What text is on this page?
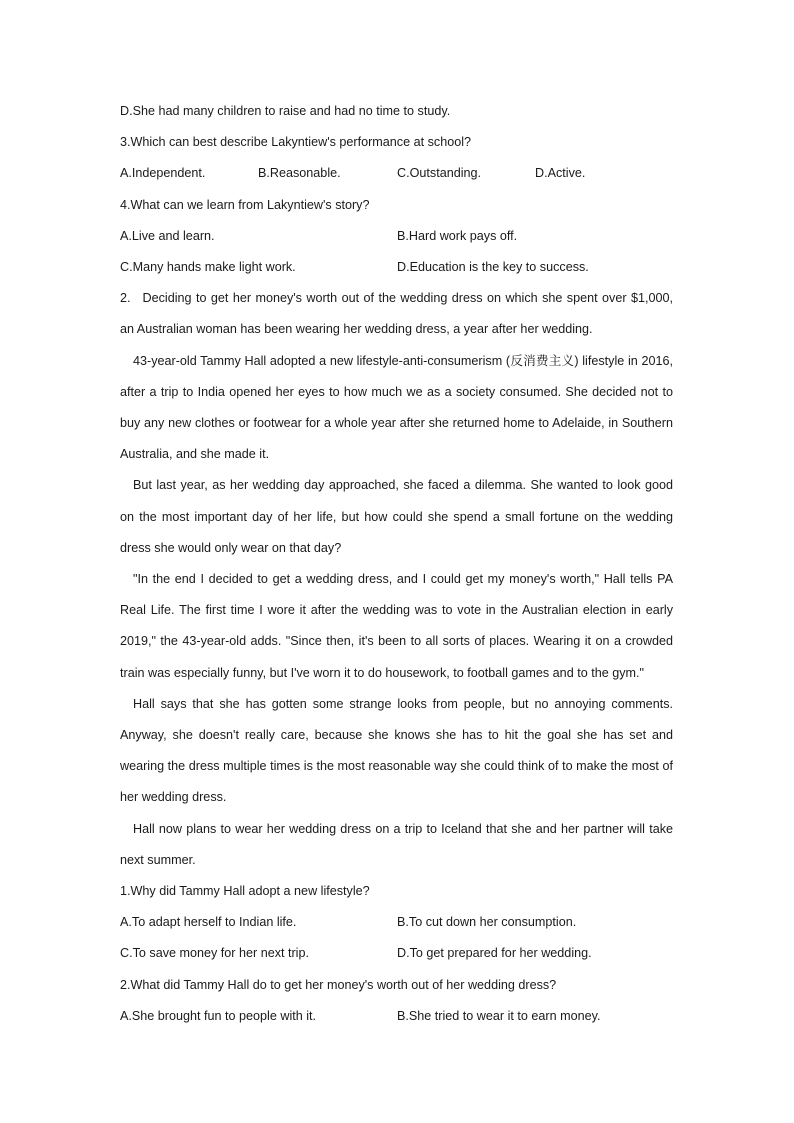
D.She had many children to raise and had no time to study.
3.Which can best describe Lakyntiew's performance at school?
A.Independent.	B.Reasonable.	C.Outstanding.	D.Active.
4.What can we learn from Lakyntiew's story?
A.Live and learn.	B.Hard work pays off.
C.Many hands make light work.	D.Education is the key to success.

2. Deciding to get her money's worth out of the wedding dress on which she spent over $1,000, an Australian woman has been wearing her wedding dress, a year after her wedding.

43-year-old Tammy Hall adopted a new lifestyle-anti-consumerism (反消费主义) lifestyle in 2016, after a trip to India opened her eyes to how much we as a society consumed. She decided not to buy any new clothes or footwear for a whole year after she returned home to Adelaide, in Southern Australia, and she made it.

But last year, as her wedding day approached, she faced a dilemma. She wanted to look good on the most important day of her life, but how could she spend a small fortune on the wedding dress she would only wear on that day?

"In the end I decided to get a wedding dress, and I could get my money's worth," Hall tells PA Real Life. The first time I wore it after the wedding was to vote in the Australian election in early 2019," the 43-year-old adds. "Since then, it's been to all sorts of places. Wearing it on a crowded train was especially funny, but I've worn it to do housework, to football games and to the gym."

Hall says that she has gotten some strange looks from people, but no annoying comments. Anyway, she doesn't really care, because she knows she has to hit the goal she has set and wearing the dress multiple times is the most reasonable way she could think of to make the most of her wedding dress.

Hall now plans to wear her wedding dress on a trip to Iceland that she and her partner will take next summer.

1.Why did Tammy Hall adopt a new lifestyle?
A.To adapt herself to Indian life.	B.To cut down her consumption.
C.To save money for her next trip.	D.To get prepared for her wedding.
2.What did Tammy Hall do to get her money's worth out of her wedding dress?
A.She brought fun to people with it.	B.She tried to wear it to earn money.
